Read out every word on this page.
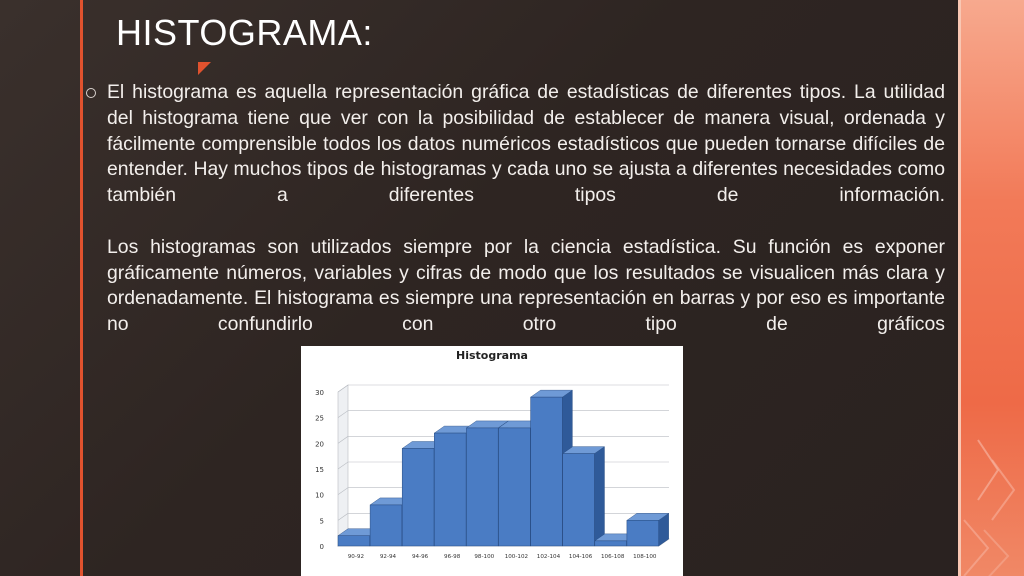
HISTOGRAMA:

El histograma es aquella representación gráfica de estadísticas de diferentes tipos. La utilidad del histograma tiene que ver con la posibilidad de establecer de manera visual, ordenada y fácilmente comprensible todos los datos numéricos estadísticos que pueden tornarse difíciles de entender. Hay muchos tipos de histogramas y cada uno se ajusta a diferentes necesidades como también a diferentes tipos de información.

Los histogramas son utilizados siempre por la ciencia estadística. Su función es exponer gráficamente números, variables y cifras de modo que los resultados se visualicen más clara y ordenadamente. El histograma es siempre una representación en barras y por eso es importante no confundirlo con otro tipo de gráficos

Histograma
0
5
10
15
20
25
30
90-92	92-94	94-96	96-98	98-100 100-102 102-104 104-106 106-108 108-100
